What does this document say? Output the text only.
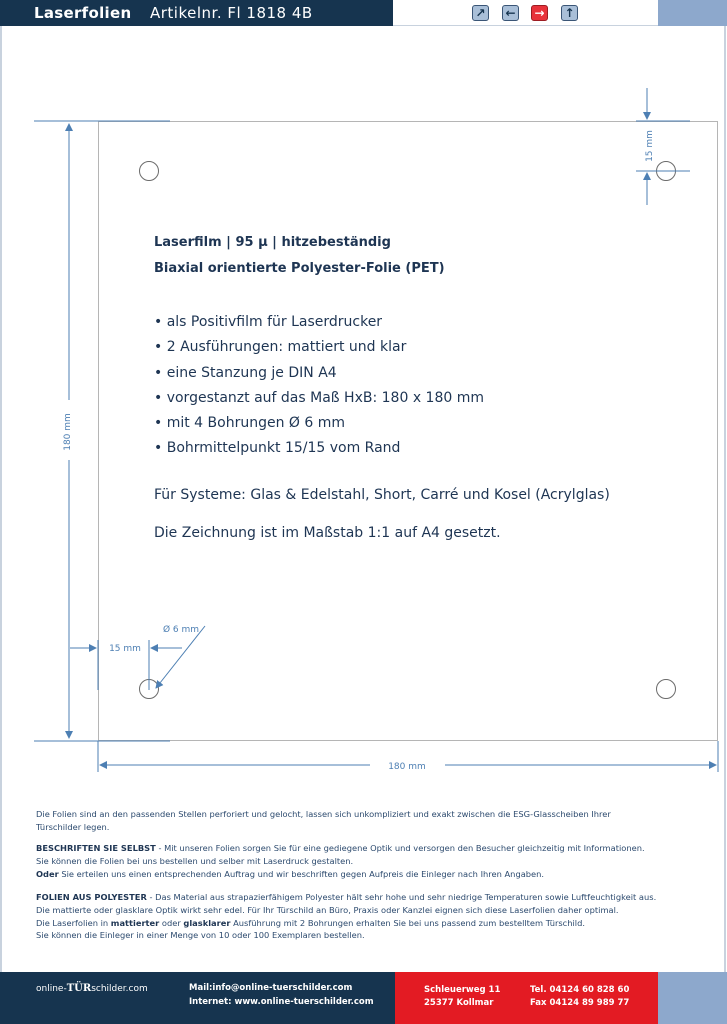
Laserfolien Artikelnr. Fl 1818 4B	↗ ← → ↑
180 mm
15 mm
Ø 6 mm
15 mm
180 mm
Laserfilm | 95 µ | hitzebeständig
Biaxial orientierte Polyester-Folie (PET)
• als Positivfilm für Laserdrucker
• 2 Ausführungen: mattiert und klar
• eine Stanzung je DIN A4
• vorgestanzt auf das Maß HxB: 180 x 180 mm
• mit 4 Bohrungen Ø 6 mm
• Bohrmittelpunkt 15/15 vom Rand
Für Systeme: Glas & Edelstahl, Short, Carré und Kosel (Acrylglas)
Die Zeichnung ist im Maßstab 1:1 auf A4 gesetzt.
Die Folien sind an den passenden Stellen perforiert und gelocht, lassen sich unkompliziert und exakt zwischen die ESG-Glasscheiben Ihrer
Türschilder legen.
BESCHRIFTEN SIE SELBST - Mit unseren Folien sorgen Sie für eine gediegene Optik und versorgen den Besucher gleichzeitig mit Informationen.
Sie können die Folien bei uns bestellen und selber mit Laserdruck gestalten.
Oder Sie erteilen uns einen entsprechenden Auftrag und wir beschriften gegen Aufpreis die Einleger nach Ihren Angaben.
FOLIEN AUS POLYESTER - Das Material aus strapazierfähigem Polyester hält sehr hohe und sehr niedrige Temperaturen sowie Luftfeuchtigkeit aus.
Die mattierte oder glasklare Optik wirkt sehr edel. Für Ihr Türschild an Büro, Praxis oder Kanzlei eignen sich diese Laserfolien daher optimal.
Die Laserfolien in mattierter oder glasklarer Ausführung mit 2 Bohrungen erhalten Sie bei uns passend zum bestelltem Türschild.
Sie können die Einleger in einer Menge von 10 oder 100 Exemplaren bestellen.
online-TÜRschilder.com	Mail:info@online-tuerschilder.com
Internet: www.online-tuerschilder.com
Schleuerweg 11
25377 Kollmar
Tel. 04124 60 828 60
Fax 04124 89 989 77
